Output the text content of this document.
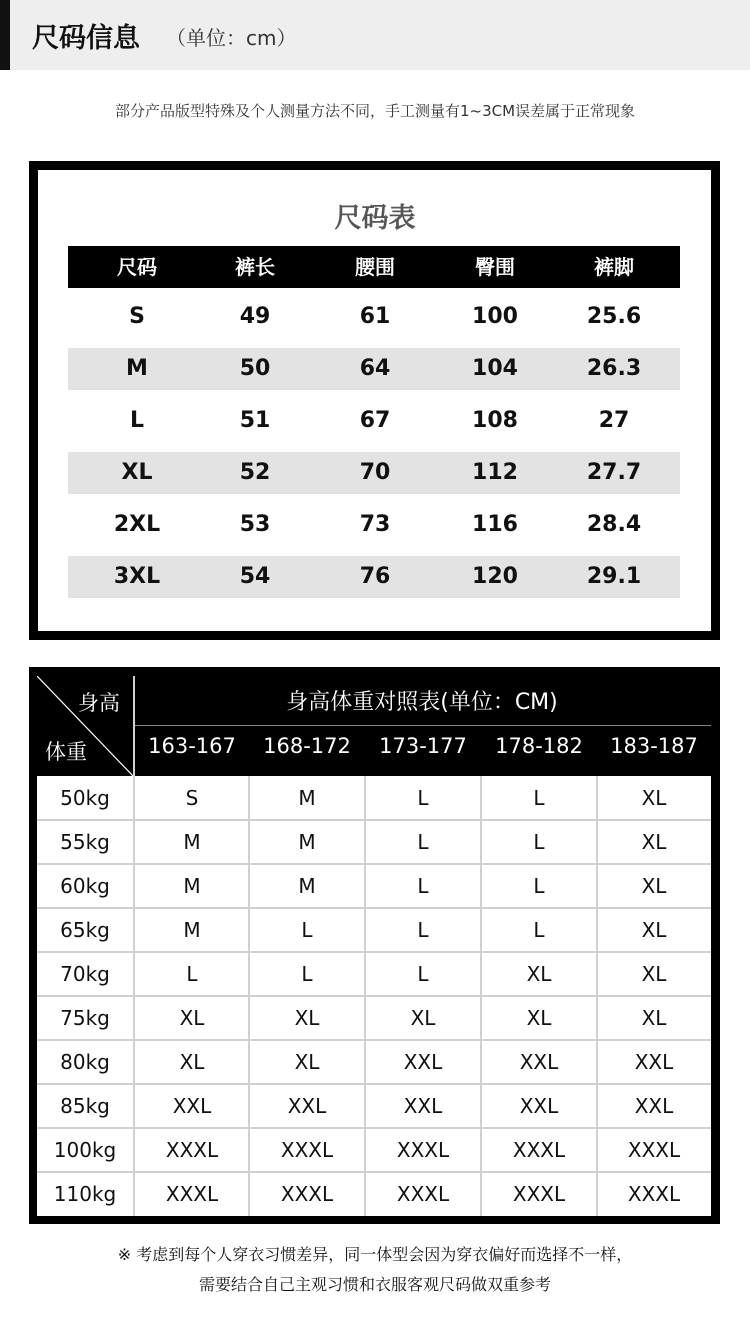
尺码信息 （单位：cm）
部分产品版型特殊及个人测量方法不同，手工测量有1~3CM误差属于正常现象
尺码表
尺码	裤长	腰围	臀围	裤脚
S	49	61	100	25.6
M	50	64	104	26.3
L	51	67	108	27
XL	52	70	112	27.7
2XL	53	73	116	28.4
3XL	54	76	120	29.1
身高
体重
身高体重对照表(单位：CM)
163-167	168-172	173-177	178-182	183-187
50kg	S	M	L	L	XL
55kg	M	M	L	L	XL
60kg	M	M	L	L	XL
65kg	M	L	L	L	XL
70kg	L	L	L	XL	XL
75kg	XL	XL	XL	XL	XL
80kg	XL	XL	XXL	XXL	XXL
85kg	XXL	XXL	XXL	XXL	XXL
100kg	XXXL	XXXL	XXXL	XXXL	XXXL
110kg	XXXL	XXXL	XXXL	XXXL	XXXL
※ 考虑到每个人穿衣习惯差异，同一体型会因为穿衣偏好而选择不一样，
需要结合自己主观习惯和衣服客观尺码做双重参考
